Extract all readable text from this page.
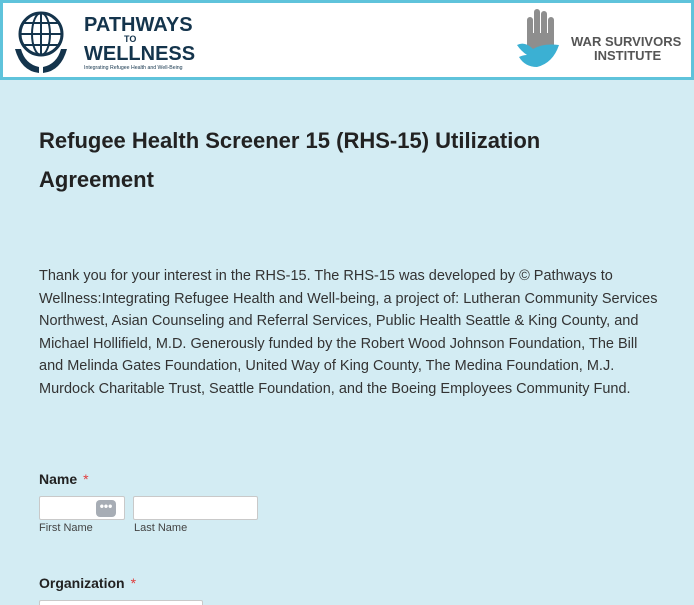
PATHWAYS
TO
WELLNESS
Integrating Refugee Health and Well-Being
WAR SURVIVORS
INSTITUTE
Refugee Health Screener 15 (RHS-15) Utilization Agreement

Thank you for your interest in the RHS-15. The RHS-15 was developed by © Pathways to Wellness:Integrating Refugee Health and Well-being, a project of: Lutheran Community Services Northwest, Asian Counseling and Referral Services, Public Health Seattle & King County, and Michael Hollifield, M.D. Generously funded by the Robert Wood Johnson Foundation, The Bill and Melinda Gates Foundation, United Way of King County, The Medina Foundation, M.J. Murdock Charitable Trust, Seattle Foundation, and the Boeing Employees Community Fund.

Name *
•••
First Name	Last Name
Organization *
